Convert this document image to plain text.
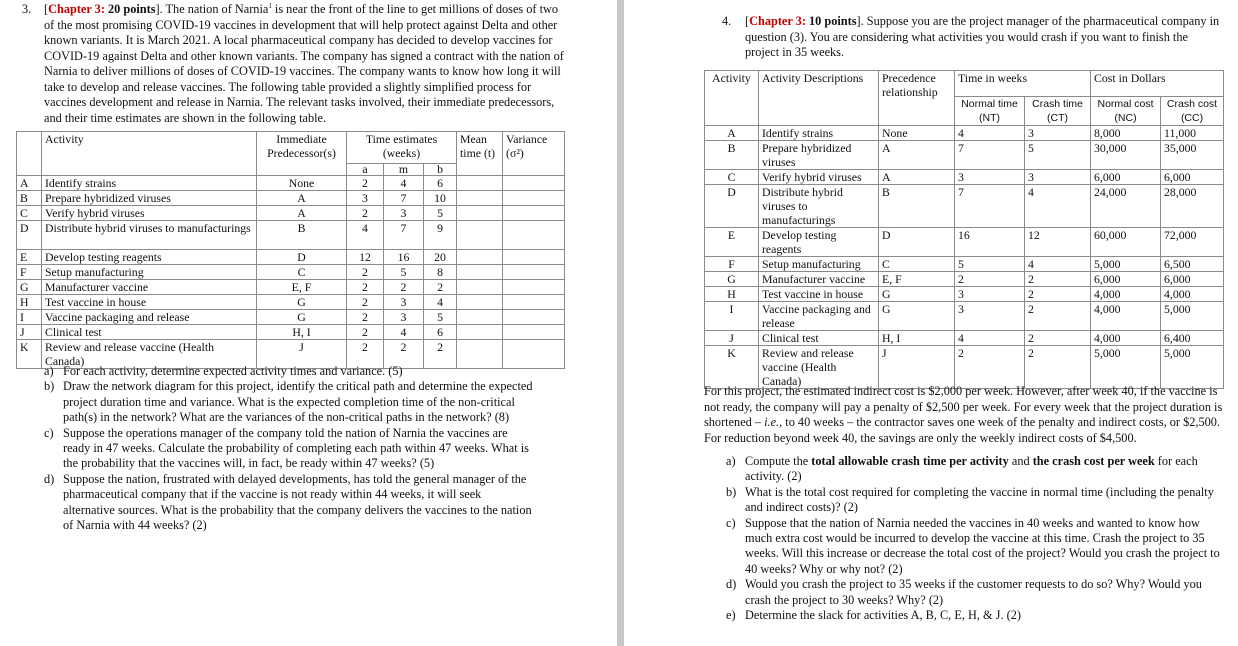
3. [Chapter 3: 20 points]. The nation of Narnia$^1$ is near the front of the line to get millions of doses of two of the most promising COVID-19 vaccines in development that will help protect against Delta and other known variants. It is March 2021. A local pharmaceutical company has decided to develop vaccines for COVID-19 against Delta and other known variants. The company has signed a contract with the nation of Narnia to deliver millions of doses of COVID-19 vaccines. The company wants to know how long it will take to develop and release vaccines. The following table provided a slightly simplified process for vaccines development and release in Narnia. The relevant tasks involved, their immediate predecessors, and their time estimates are shown in the following table.
	Activity	Immediate Predecessor(s)	Time estimates (weeks)			Mean time (t)	Variance (σ²)
			a	m	b		
A	Identify strains	None	2	4	6		
B	Prepare hybridized viruses	A	3	7	10		
C	Verify hybrid viruses	A	2	3	5		
D	Distribute hybrid viruses to manufacturings	B	4	7	9		
E	Develop testing reagents	D	12	16	20		
F	Setup manufacturing	C	2	5	8		
G	Manufacturer vaccine	E, F	2	2	2		
H	Test vaccine in house	G	2	3	4		
I	Vaccine packaging and release	G	2	3	5		
J	Clinical test	H, I	2	4	6		
K	Review and release vaccine (Health Canada)	J	2	2	2		
a) For each activity, determine expected activity times and variance. (5)
b) Draw the network diagram for this project, identify the critical path and determine the expected project duration time and variance. What is the expected completion time of the non-critical path(s) in the network? What are the variances of the non-critical paths in the network? (8)
c) Suppose the operations manager of the company told the nation of Narnia the vaccines are ready in 47 weeks. Calculate the probability of completing each path within 47 weeks. What is the probability that the vaccines will, in fact, be ready within 47 weeks? (5)
d) Suppose the nation, frustrated with delayed developments, has told the general manager of the pharmaceutical company that if the vaccine is not ready within 44 weeks, it will seek alternative sources. What is the probability that the company delivers the vaccines to the nation of Narnia with 44 weeks? (2)
4. [Chapter 3: 10 points]. Suppose you are the project manager of the pharmaceutical company in question (3). You are considering what activities you would crash if you want to finish the project in 35 weeks.
Activity	Activity Descriptions	Precedence relationship	Time in weeks		Cost in Dollars	
			Normal time (NT)	Crash time (CT)	Normal cost (NC)	Crash cost (CC)
A	Identify strains	None	4	3	8,000	11,000
B	Prepare hybridized viruses	A	7	5	30,000	35,000
C	Verify hybrid viruses	A	3	3	6,000	6,000
D	Distribute hybrid viruses to manufacturings	B	7	4	24,000	28,000
E	Develop testing reagents	D	16	12	60,000	72,000
F	Setup manufacturing	C	5	4	5,000	6,500
G	Manufacturer vaccine	E, F	2	2	6,000	6,000
H	Test vaccine in house	G	3	2	4,000	4,000
I	Vaccine packaging and release	G	3	2	4,000	5,000
J	Clinical test	H, I	4	2	4,000	6,400
K	Review and release vaccine (Health Canada)	J	2	2	5,000	5,000
For this project, the estimated indirect cost is $2,000 per week. However, after week 40, if the vaccine is not ready, the company will pay a penalty of $2,500 per week. For every week that the project duration is shortened – i.e., to 40 weeks – the contractor saves one week of the penalty and indirect costs, or $2,500. For reduction beyond week 40, the savings are only the weekly indirect costs of $4,500.
a) Compute the total allowable crash time per activity and the crash cost per week for each activity. (2)
b) What is the total cost required for completing the vaccine in normal time (including the penalty and indirect costs)? (2)
c) Suppose that the nation of Narnia needed the vaccines in 40 weeks and wanted to know how much extra cost would be incurred to develop the vaccine at this time. Crash the project to 35 weeks. Will this increase or decrease the total cost of the project? Would you crash the project to 40 weeks? Why or why not? (2)
d) Would you crash the project to 35 weeks if the customer requests to do so? Why? Would you crash the project to 30 weeks? Why? (2)
e) Determine the slack for activities A, B, C, E, H, & J. (2)
